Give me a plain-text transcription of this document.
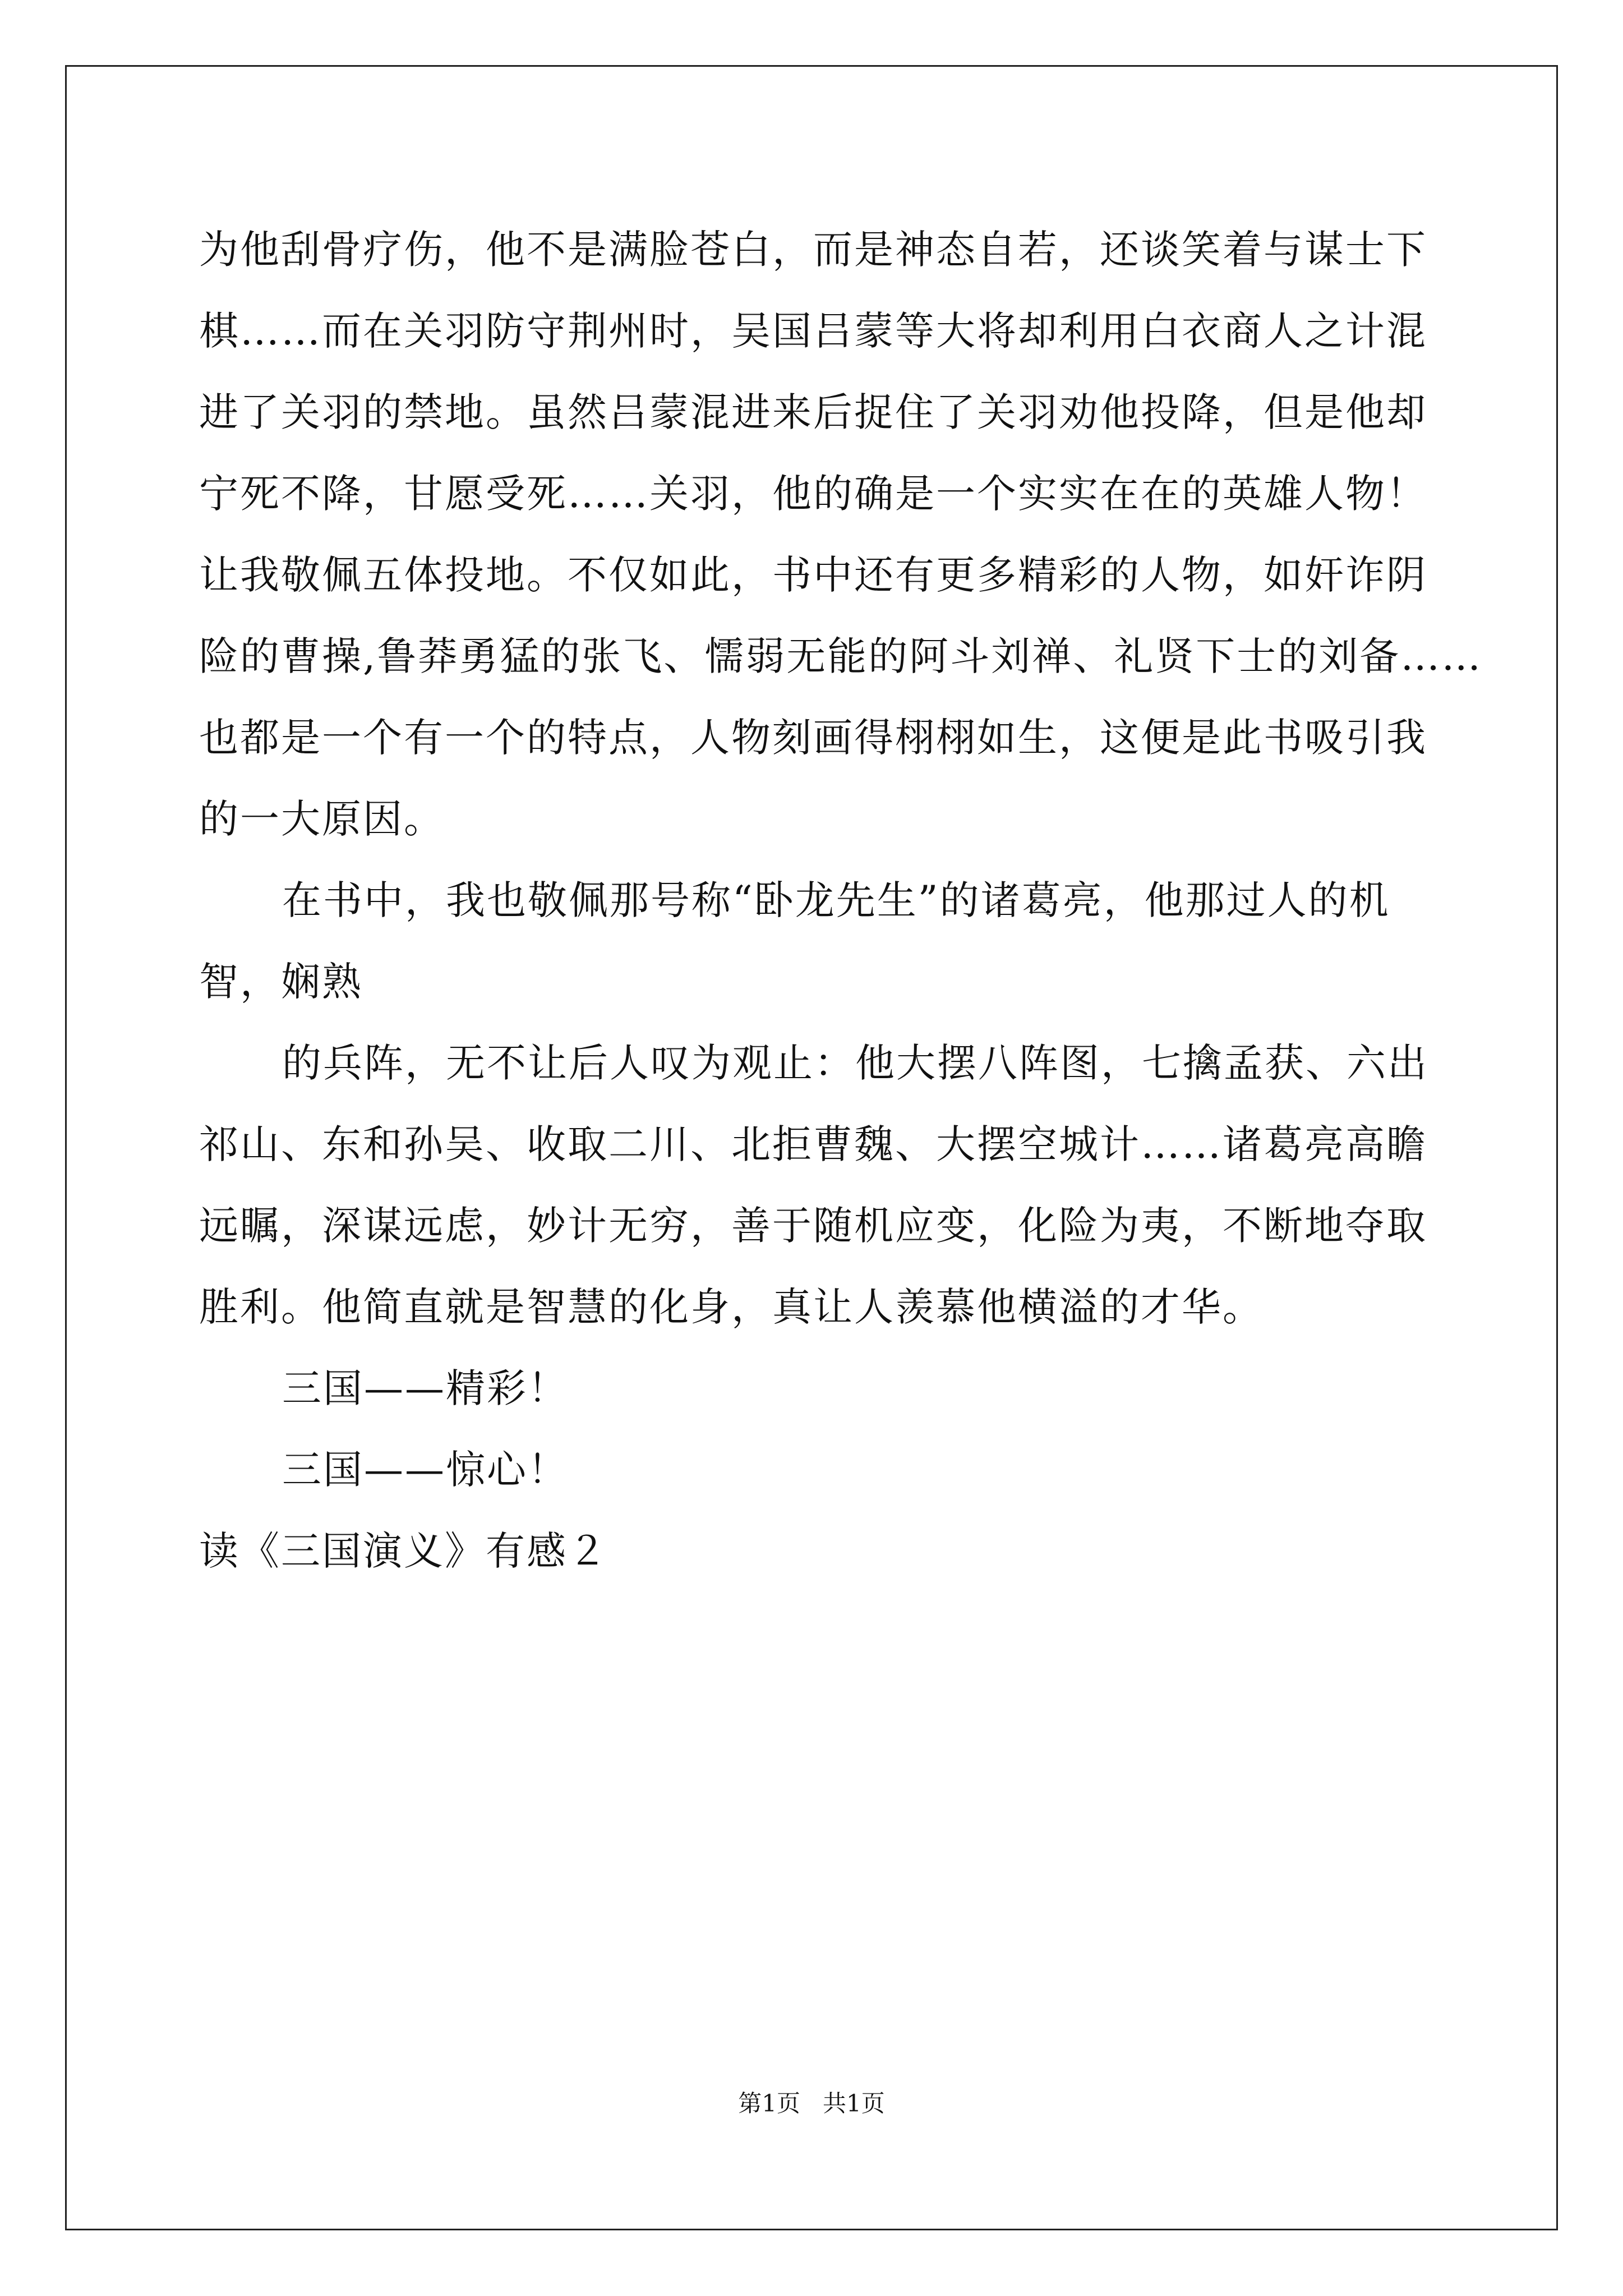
为他刮骨疗伤，他不是满脸苍白，而是神态自若，还谈笑着与谋士下
棋……而在关羽防守荆州时，吴国吕蒙等大将却利用白衣商人之计混
进了关羽的禁地。虽然吕蒙混进来后捉住了关羽劝他投降，但是他却
宁死不降，甘愿受死……关羽，他的确是一个实实在在的英雄人物！
让我敬佩五体投地。不仅如此，书中还有更多精彩的人物，如奸诈阴
险的曹操,鲁莽勇猛的张飞、懦弱无能的阿斗刘禅、礼贤下士的刘备……
也都是一个有一个的特点，人物刻画得栩栩如生，这便是此书吸引我
的一大原因。
在书中，我也敬佩那号称“卧龙先生”的诸葛亮，他那过人的机
智，娴熟
的兵阵，无不让后人叹为观止：他大摆八阵图，七擒孟获、六出
祁山、东和孙吴、收取二川、北拒曹魏、大摆空城计……诸葛亮高瞻
远瞩，深谋远虑，妙计无穷，善于随机应变，化险为夷，不断地夺取
胜利。他简直就是智慧的化身，真让人羡慕他横溢的才华。
三国——精彩！
三国——惊心！
读《三国演义》有感２
第1页   共1页
